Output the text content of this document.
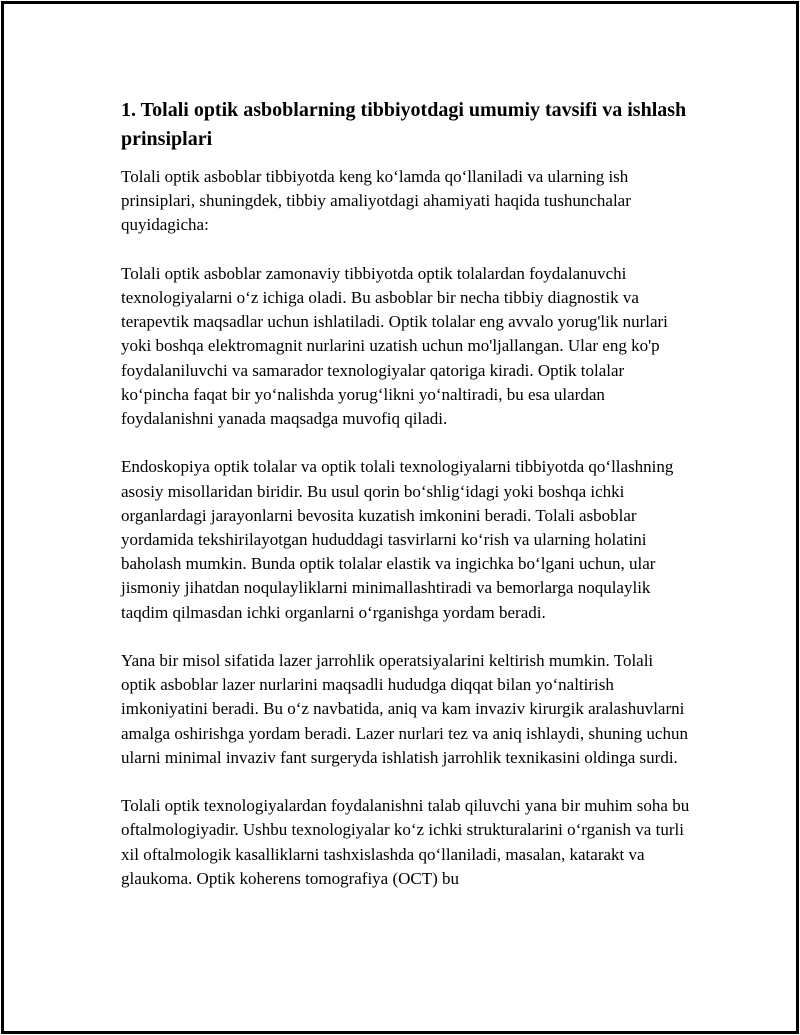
1. Tolali optik asboblarning tibbiyotdagi umumiy tavsifi va ishlash prinsiplari

Tolali optik asboblar tibbiyotda keng ko‘lamda qo‘llaniladi va ularning ish prinsiplari, shuningdek, tibbiy amaliyotdagi ahamiyati haqida tushunchalar quyidagicha:

Tolali optik asboblar zamonaviy tibbiyotda optik tolalardan foydalanuvchi texnologiyalarni o‘z ichiga oladi. Bu asboblar bir necha tibbiy diagnostik va terapevtik maqsadlar uchun ishlatiladi. Optik tolalar eng avvalo yorug'lik nurlari yoki boshqa elektromagnit nurlarini uzatish uchun mo'ljallangan. Ular eng ko'p foydalaniluvchi va samarador texnologiyalar qatoriga kiradi. Optik tolalar ko‘pincha faqat bir yo‘nalishda yorug‘likni yo‘naltiradi, bu esa ulardan foydalanishni yanada maqsadga muvofiq qiladi.

Endoskopiya optik tolalar va optik tolali texnologiyalarni tibbiyotda qo‘llashning asosiy misollaridan biridir. Bu usul qorin bo‘shlig‘idagi yoki boshqa ichki organlardagi jarayonlarni bevosita kuzatish imkonini beradi. Tolali asboblar yordamida tekshirilayotgan hududdagi tasvirlarni ko‘rish va ularning holatini baholash mumkin. Bunda optik tolalar elastik va ingichka bo‘lgani uchun, ular jismoniy jihatdan noqulayliklarni minimallashtiradi va bemorlarga noqulaylik taqdim qilmasdan ichki organlarni o‘rganishga yordam beradi.

Yana bir misol sifatida lazer jarrohlik operatsiyalarini keltirish mumkin. Tolali optik asboblar lazer nurlarini maqsadli hududga diqqat bilan yo‘naltirish imkoniyatini beradi. Bu o‘z navbatida, aniq va kam invaziv kirurgik aralashuvlarni amalga oshirishga yordam beradi. Lazer nurlari tez va aniq ishlaydi, shuning uchun ularni minimal invaziv fant surgeryda ishlatish jarrohlik texnikasini oldinga surdi.

Tolali optik texnologiyalardan foydalanishni talab qiluvchi yana bir muhim soha bu oftalmologiyadir. Ushbu texnologiyalar ko‘z ichki strukturalarini o‘rganish va turli xil oftalmologik kasalliklarni tashxislashda qo‘llaniladi, masalan, katarakt va glaukoma. Optik koherens tomografiya (OCT) bu
